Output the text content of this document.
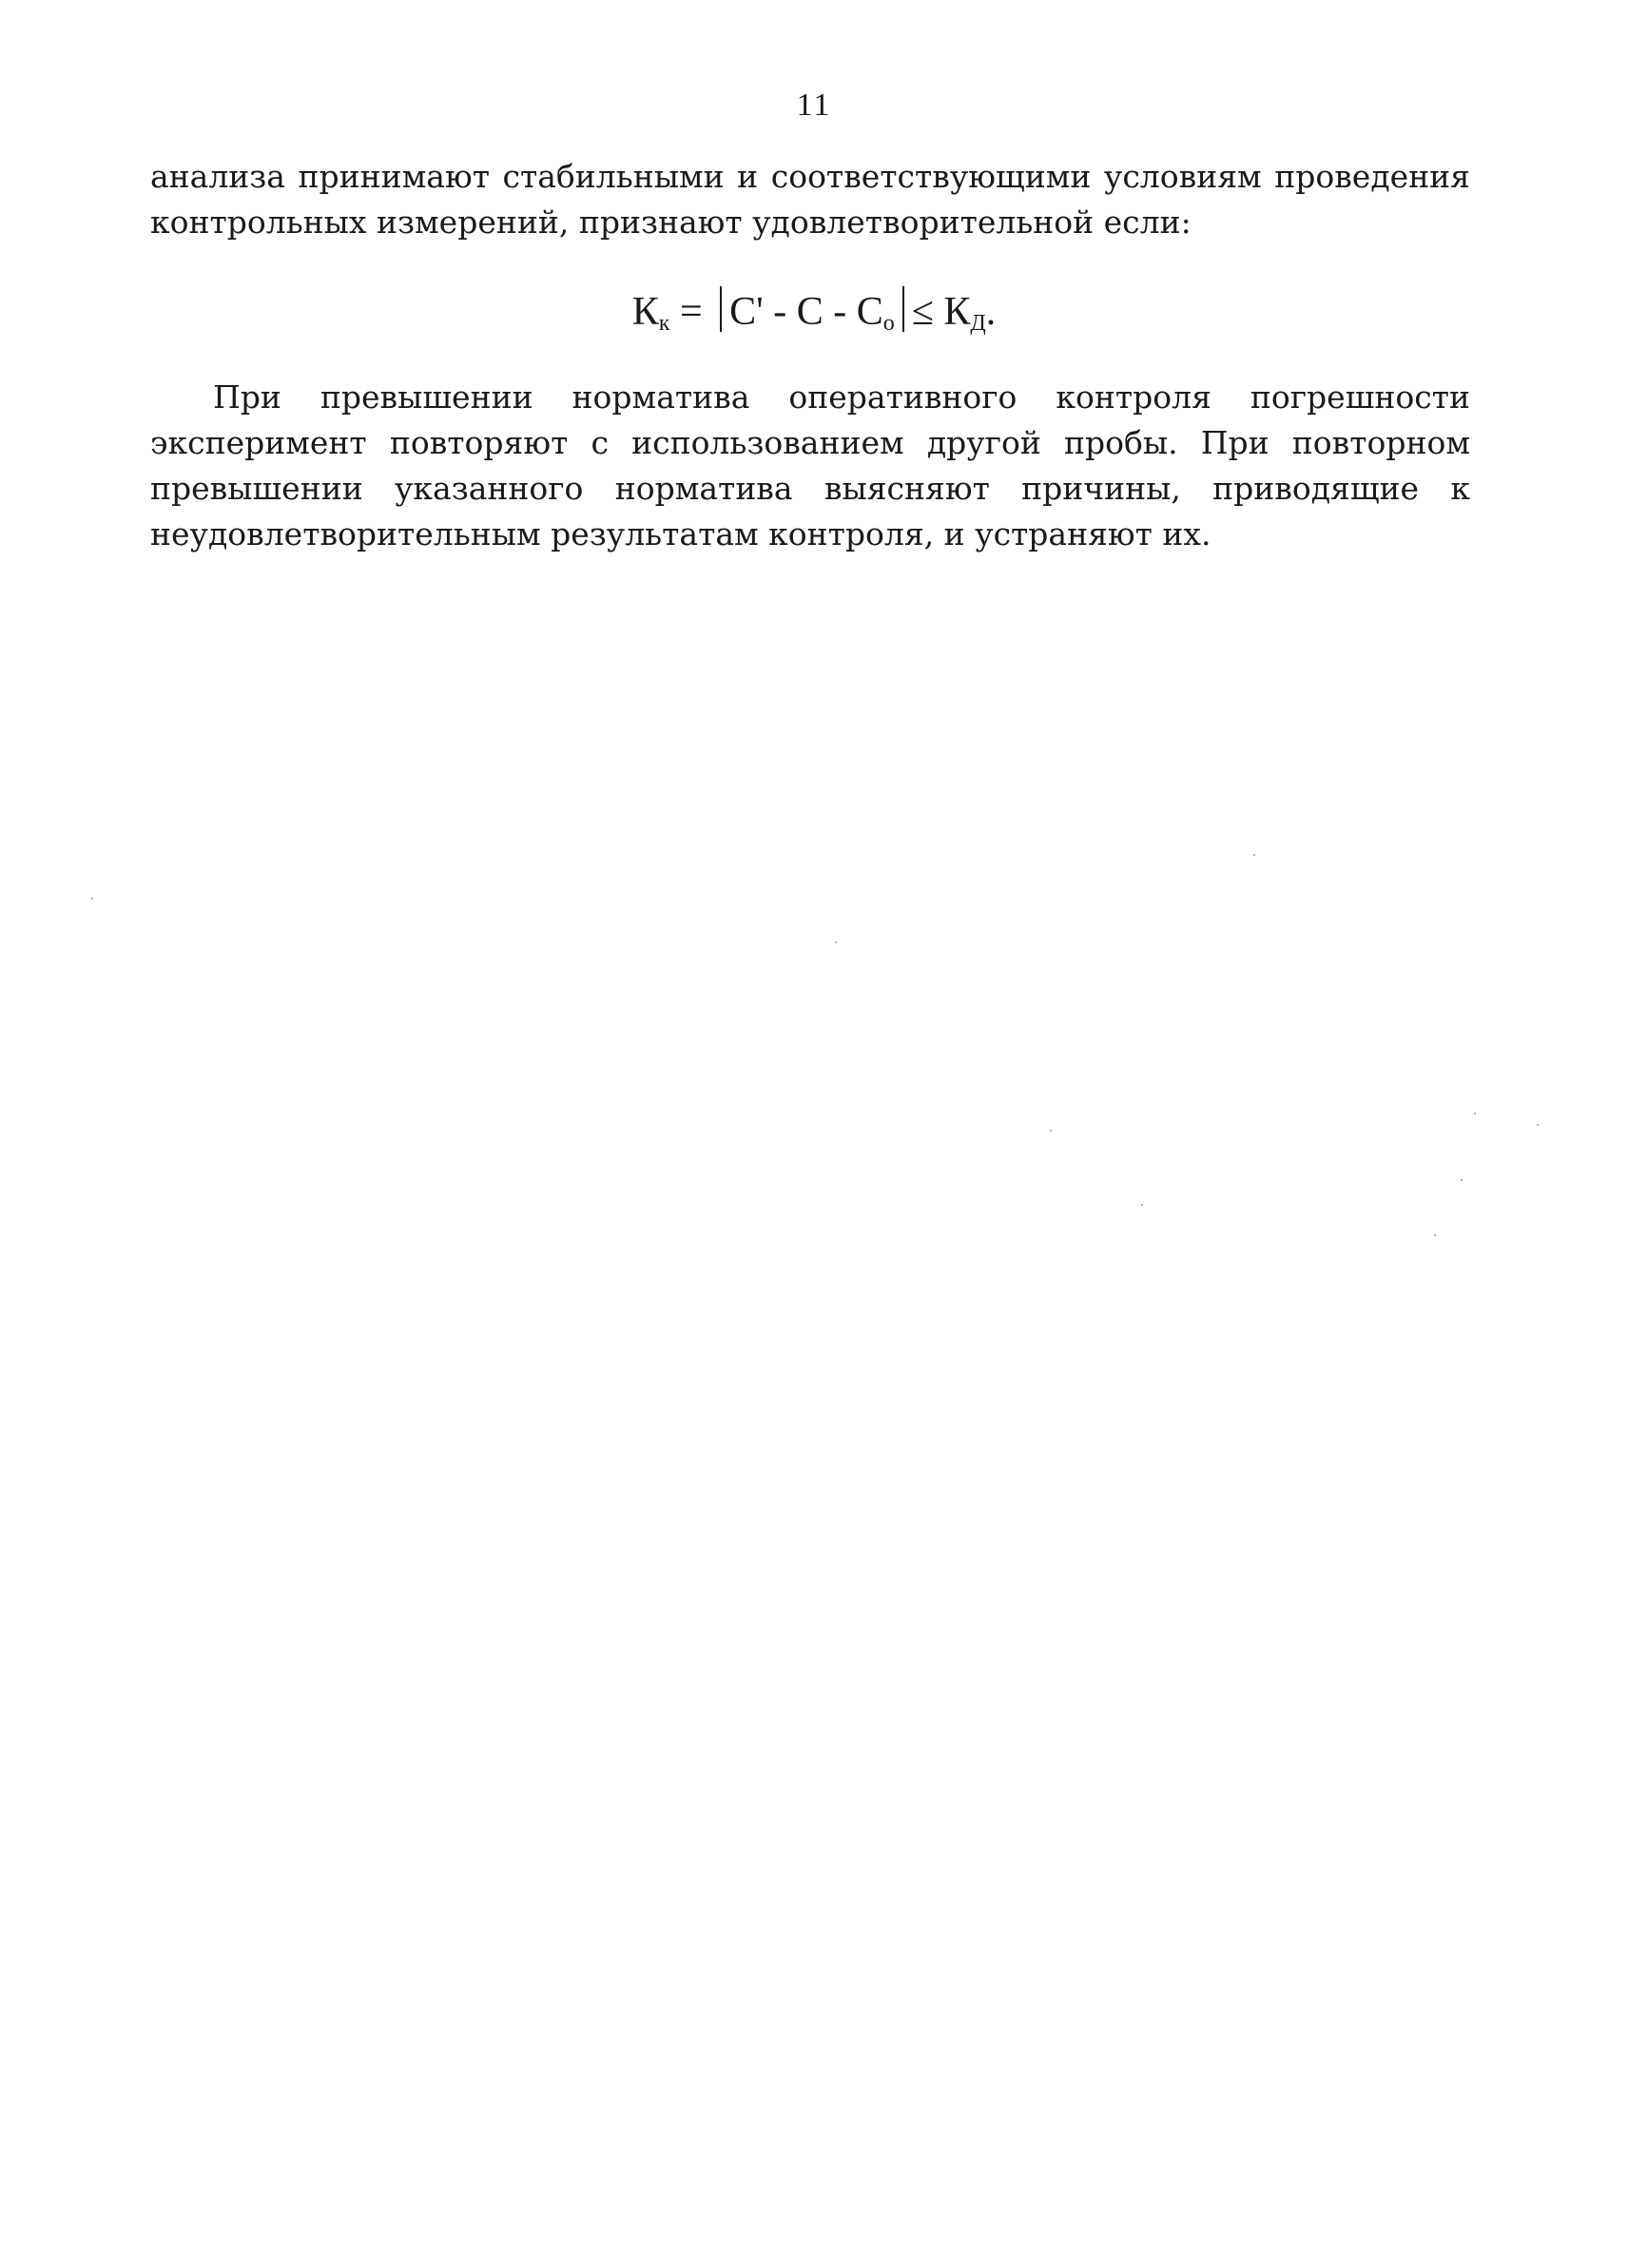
11

анализа принимают стабильными и соответствующими условиям проведения контрольных измерений, признают удовлетворительной если:

$К_к = С' - С - С_о \le К_Д$.

При превышении норматива оперативного контроля погрешности эксперимент повторяют с использованием другой пробы. При повторном превышении указанного норматива выясняют причины, приводящие к неудовлетворительным результатам контроля, и устраняют их.
